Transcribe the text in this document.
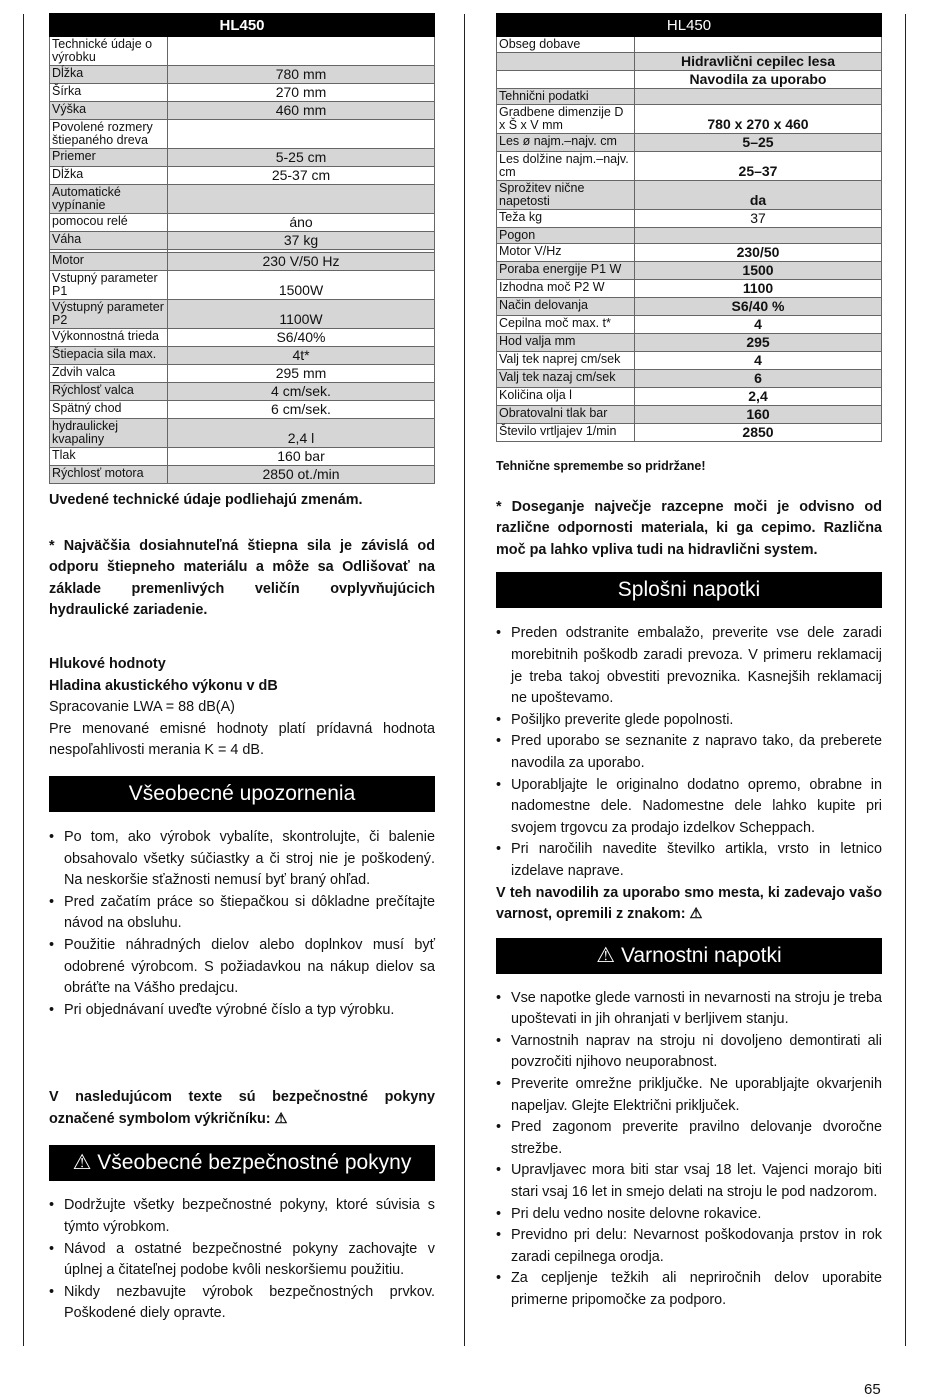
HL450	
Technické údaje o výrobku	
Dĺžka	780 mm
Šírka	270 mm
Výška	460 mm
Povolené rozmery štiepaného dreva	
Priemer	5-25 cm
Dĺžka	25-37 cm
Automatické vypínanie	
pomocou relé	áno
Váha	37 kg

Motor	230 V/50 Hz
Vstupný parameter P1	1500W
Výstupný parameter P2	1100W
Výkonnostná trieda	S6/40%
Štiepacia sila max.	4t*
Zdvih valca	295 mm
Rýchlosť valca	4 cm/sek.
Spätný chod	6 cm/sek.
hydraulickej kvapaliny	2,4 l
Tlak	160 bar
Rýchlosť motora	2850 ot./min

Uvedené technické údaje podliehajú zmenám.

* Najväčšia dosiahnuteľná štiepna sila je závislá od odporu štiepneho materiálu a môže sa Odlišovať na základe premenlivých veličín ovplyvňujúcich hydraulické zariadenie.

Hlukové hodnoty

Hladina akustického výkonu v dB

Spracovanie LWA = 88 dB(A)

Pre menované emisné hodnoty platí prídavná hodnota nespoľahlivosti merania K = 4 dB.

Všeobecné upozornenia
• Po tom, ako výrobok vybalíte, skontrolujte, či balenie obsahovalo všetky súčiastky a či stroj nie je poškodený. Na neskoršie sťažnosti nemusí byť braný ohľad.
• Pred začatím práce so štiepačkou si dôkladne prečítajte návod na obsluhu.
• Použitie náhradných dielov alebo doplnkov musí byť odobrené výrobcom. S požiadavkou na nákup dielov sa obráťte na Vášho predajcu.
• Pri objednávaní uveďte výrobné číslo a typ výrobku.

V nasledujúcom texte sú bezpečnostné pokyny označené symbolom výkričníku: ⚠

⚠ Všeobecné bezpečnostné pokyny
• Dodržujte všetky bezpečnostné pokyny, ktoré súvisia s týmto výrobkom.
• Návod a ostatné bezpečnostné pokyny zachovajte v úplnej a čitateľnej podobe kvôli neskoršiemu použitiu.
• Nikdy nezbavujte výrobok bezpečnostných prvkov. Poškodené diely opravte.
HL450	
Obseg dobave	
	Hidravlični cepilec lesa
	Navodila za uporabo
Tehnični podatki	
Gradbene dimenzije D x Š x V mm	780 x 270 x 460
Les ø najm.–najv. cm	5–25
Les dolžine najm.–najv. cm	25–37
Sprožitev nične napetosti	da
Teža kg	37
Pogon	
Motor V/Hz	230/50
Poraba energije P1 W	1500
Izhodna moč P2 W	1100
Način delovanja	S6/40 %
Cepilna moč max. t*	4
Hod valja mm	295
Valj tek naprej cm/sek	4
Valj tek nazaj cm/sek	6
Količina olja l	2,4
Obratovalni tlak bar	160
Število vrtljajev 1/min	2850

Tehnične spremembe so pridržane!

* Doseganje največje razcepne moči je odvisno od različne odpornosti materiala, ki ga cepimo. Različna moč pa lahko vpliva tudi na hidravlični system.

Splošni napotki
• Preden odstranite embalažo, preverite vse dele zaradi morebitnih poškodb zaradi prevoza. V primeru reklamacij je treba takoj obvestiti prevoznika. Kasnejših reklamacij ne upoštevamo.
• Pošiljko preverite glede popolnosti.
• Pred uporabo se seznanite z napravo tako, da preberete navodila za uporabo.
• Uporabljajte le originalno dodatno opremo, obrabne in nadomestne dele. Nadomestne dele lahko kupite pri svojem trgovcu za prodajo izdelkov Scheppach.
• Pri naročilih navedite številko artikla, vrsto in letnico izdelave naprave.

V teh navodilih za uporabo smo mesta, ki zadevajo vašo varnost, opremili z znakom: ⚠

⚠ Varnostni napotki
• Vse napotke glede varnosti in nevarnosti na stroju je treba upoštevati in jih ohranjati v berljivem stanju.
• Varnostnih naprav na stroju ni dovoljeno demontirati ali povzročiti njihovo neuporabnost.
• Preverite omrežne priključke. Ne uporabljajte okvarjenih napeljav. Glejte Električni priključek.
• Pred zagonom preverite pravilno delovanje dvoročne strežbe.
• Upravljavec mora biti star vsaj 18 let. Vajenci morajo biti stari vsaj 16 let in smejo delati na stroju le pod nadzorom.
• Pri delu vedno nosite delovne rokavice.
• Previdno pri delu: Nevarnost poškodovanja prstov in rok zaradi cepilnega orodja.
• Za cepljenje težkih ali nepriročnih delov uporabite primerne pripomočke za podporo.
65
